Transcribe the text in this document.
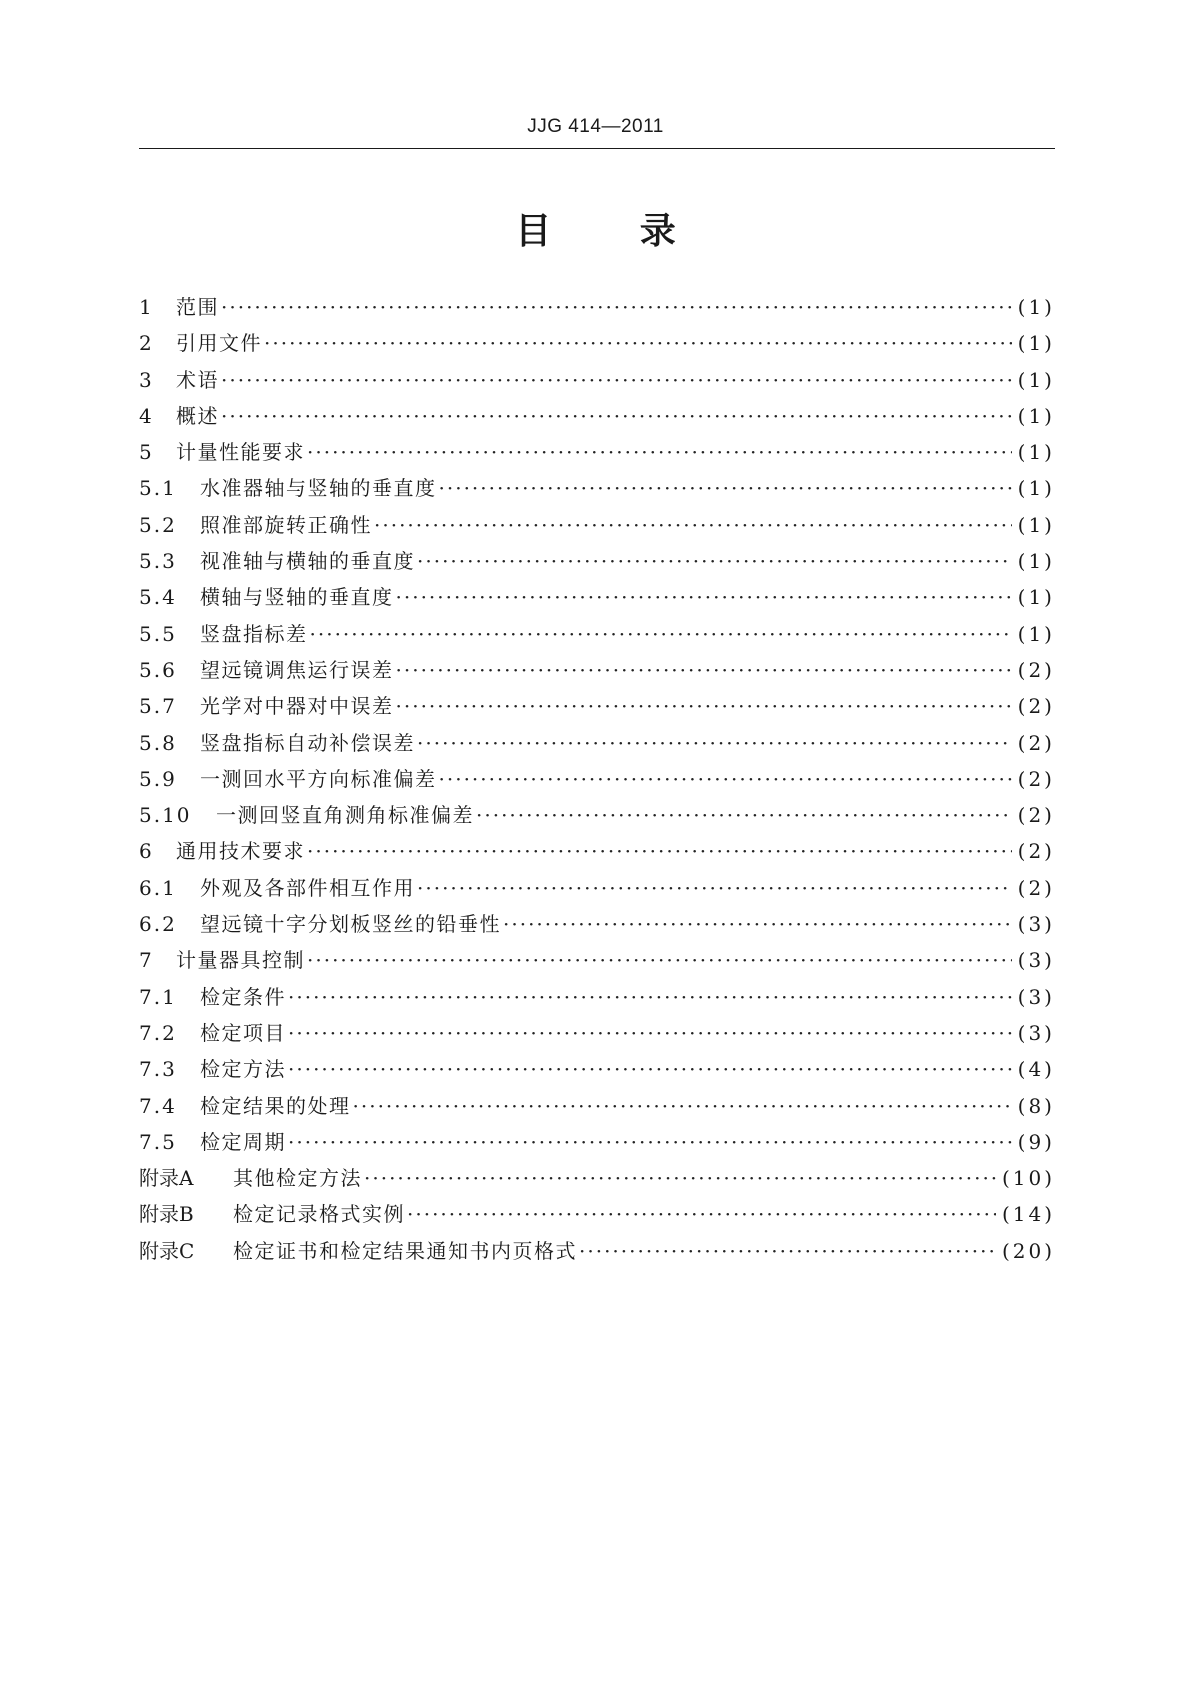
JJG 414—2011
目 录
1	范围 ·····	(1)
2	引用文件 ·····	(1)
3	术语 ·····	(1)
4	概述 ·····	(1)
5	计量性能要求 ·····	(1)
5.1	水准器轴与竖轴的垂直度 ·····	(1)
5.2	照准部旋转正确性 ·····	(1)
5.3	视准轴与横轴的垂直度 ·····	(1)
5.4	横轴与竖轴的垂直度 ·····	(1)
5.5	竖盘指标差 ·····	(1)
5.6	望远镜调焦运行误差 ·····	(2)
5.7	光学对中器对中误差 ·····	(2)
5.8	竖盘指标自动补偿误差 ·····	(2)
5.9	一测回水平方向标准偏差 ·····	(2)
5.10	一测回竖直角测角标准偏差 ·····	(2)
6	通用技术要求 ·····	(2)
6.1	外观及各部件相互作用 ·····	(2)
6.2	望远镜十字分划板竖丝的铅垂性 ·····	(3)
7	计量器具控制 ·····	(3)
7.1	检定条件 ·····	(3)
7.2	检定项目 ·····	(3)
7.3	检定方法 ·····	(4)
7.4	检定结果的处理 ·····	(8)
7.5	检定周期 ·····	(9)
附录A	其他检定方法 ·····	(10)
附录B	检定记录格式实例 ·····	(14)
附录C	检定证书和检定结果通知书内页格式 ·····	(20)
